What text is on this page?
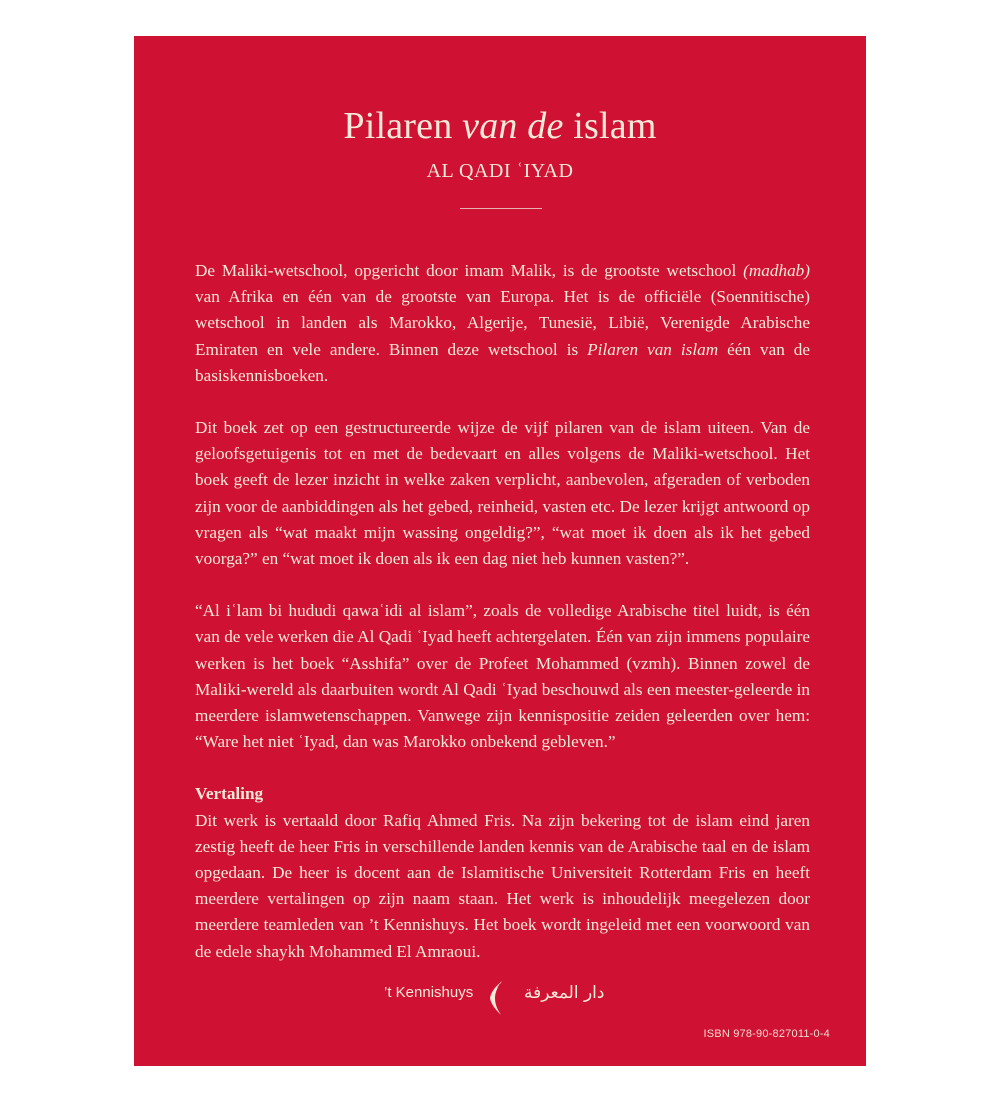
Pilaren van de islam
AL QADI ʿIYAD

De Maliki-wetschool, opgericht door imam Malik, is de grootste wetschool (madhab) van Afrika en één van de grootste van Europa. Het is de officiële (Soennitische) wetschool in landen als Marokko, Algerije, Tunesië, Libië, Verenigde Arabische Emiraten en vele andere. Binnen deze wetschool is Pilaren van islam één van de basiskennisboeken.

Dit boek zet op een gestructureerde wijze de vijf pilaren van de islam uiteen. Van de geloofsgetuigenis tot en met de bedevaart en alles volgens de Maliki-wetschool. Het boek geeft de lezer inzicht in welke zaken verplicht, aanbevolen, afgeraden of verboden zijn voor de aanbiddingen als het gebed, reinheid, vasten etc. De lezer krijgt antwoord op vragen als “wat maakt mijn wassing ongeldig?”, “wat moet ik doen als ik het gebed voorga?” en “wat moet ik doen als ik een dag niet heb kunnen vasten?”.

“Al iʿlam bi hududi qawaʿidi al islam”, zoals de volledige Arabische titel luidt, is één van de vele werken die Al Qadi ʿIyad heeft achtergelaten. Één van zijn immens populaire werken is het boek “Asshifa” over de Profeet Mohammed (vzmh). Binnen zowel de Maliki-wereld als daarbuiten wordt Al Qadi ʿIyad beschouwd als een meester-geleerde in meerdere islamwetenschappen. Vanwege zijn kennispositie zeiden geleerden over hem: “Ware het niet ʿIyad, dan was Marokko onbekend gebleven.”

Vertaling
Dit werk is vertaald door Rafiq Ahmed Fris. Na zijn bekering tot de islam eind jaren zestig heeft de heer Fris in verschillende landen kennis van de Arabische taal en de islam opgedaan. De heer is docent aan de Islamitische Universiteit Rotterdam Fris en heeft meerdere vertalingen op zijn naam staan. Het werk is inhoudelijk meegelezen door meerdere teamleden van ’t Kennishuys. Het boek wordt ingeleid met een voorwoord van de edele shaykh Mohammed El Amraoui.

’t Kennishuys	دار المعرفة
ISBN 978-90-827011-0-4
